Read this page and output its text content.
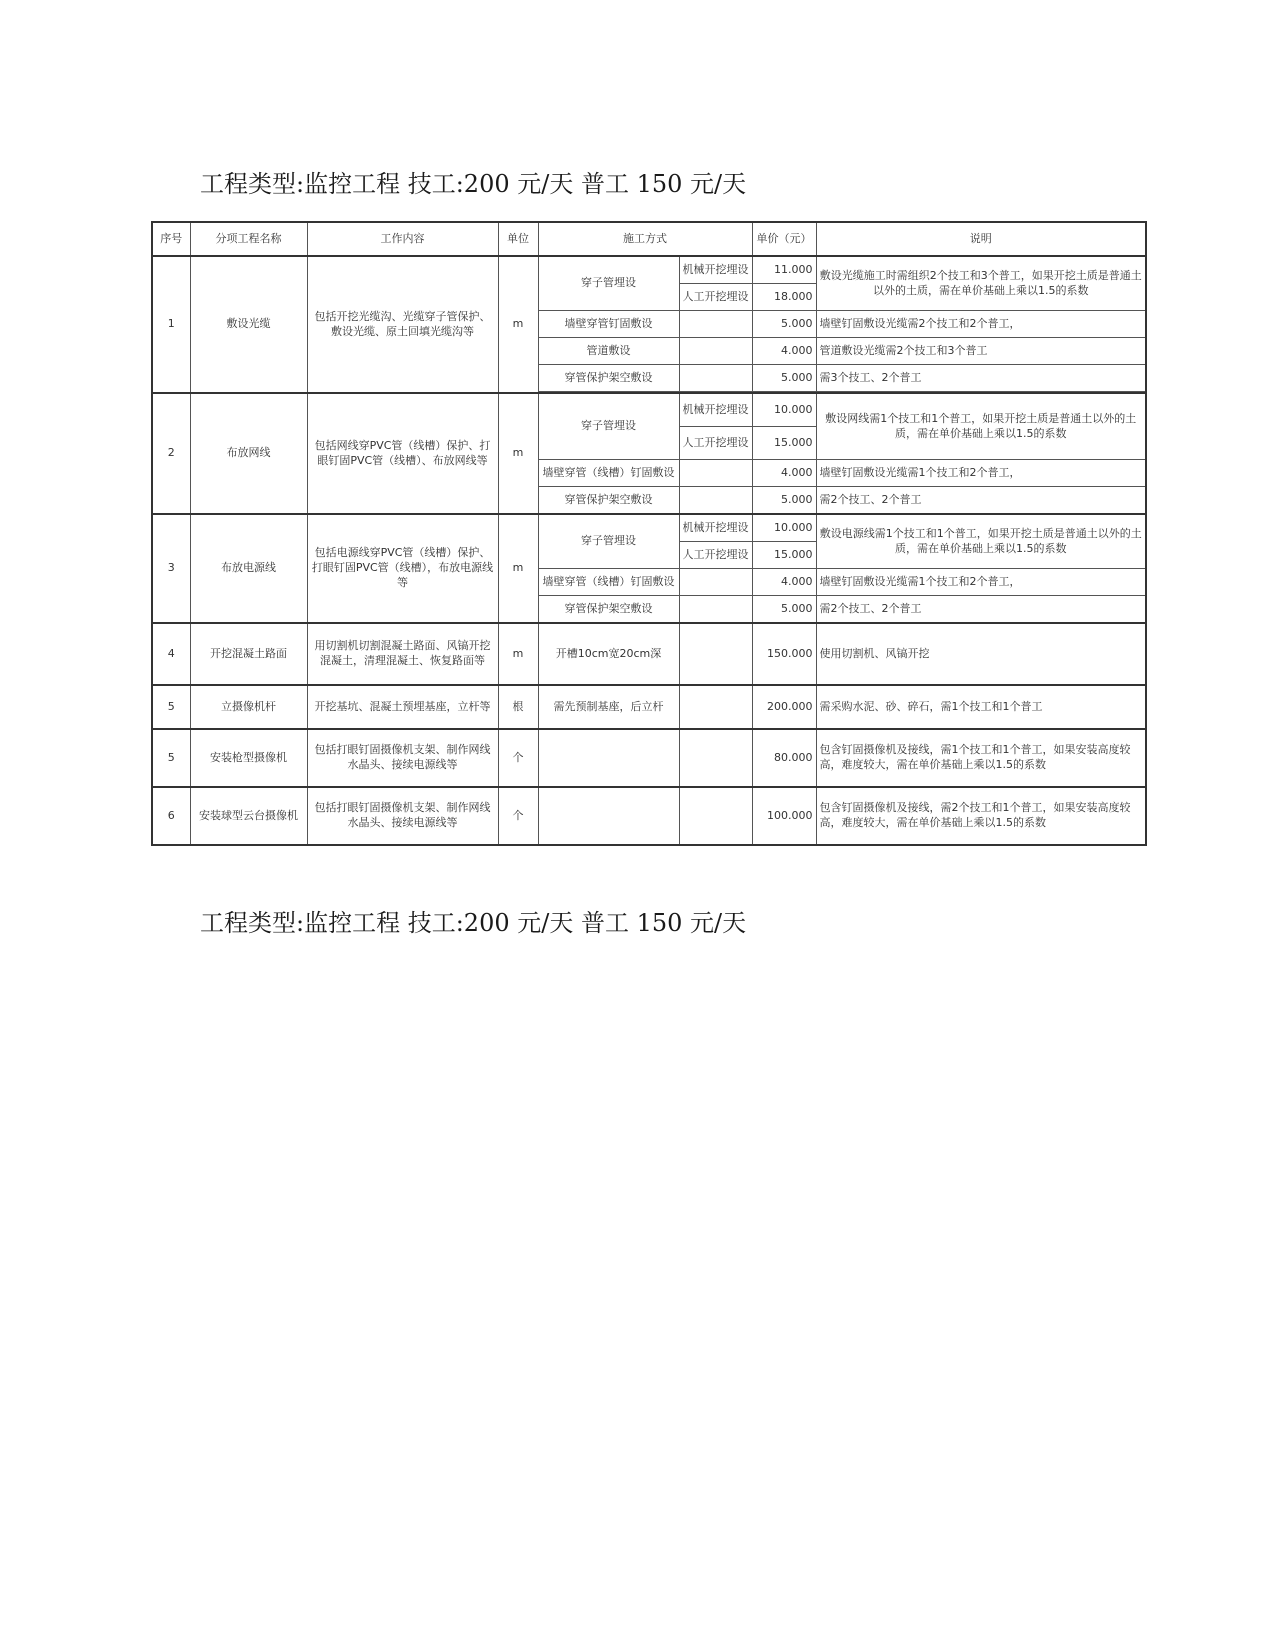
工程类型:监控工程 技工:200 元/天 普工 150 元/天
序号	分项工程名称	工作内容	单位	施工方式		单价（元）	说明
1	敷设光缆	包括开挖光缆沟、光缆穿子管保护、敷设光缆、原土回填光缆沟等	m	穿子管埋设	机械开挖埋设	11.000	敷设光缆施工时需组织2个技工和3个普工，如果开挖土质是普通土以外的土质，需在单价基础上乘以1.5的系数
					人工开挖埋设	18.000	
				墙壁穿管钉固敷设		5.000	墙壁钉固敷设光缆需2个技工和2个普工，
				管道敷设		4.000	管道敷设光缆需2个技工和3个普工
				穿管保护架空敷设		5.000	需3个技工、2个普工

2	布放网线	包括网线穿PVC管（线槽）保护、打眼钉固PVC管（线槽）、布放网线等	m	穿子管埋设	机械开挖埋设	10.000	敷设网线需1个技工和1个普工，如果开挖土质是普通土以外的土质，需在单价基础上乘以1.5的系数
					人工开挖埋设	15.000	
				墙壁穿管（线槽）钉固敷设		4.000	墙壁钉固敷设光缆需1个技工和2个普工，
				穿管保护架空敷设		5.000	需2个技工、2个普工
3	布放电源线	包括电源线穿PVC管（线槽）保护、打眼钉固PVC管（线槽），布放电源线等	m	穿子管埋设	机械开挖埋设	10.000	敷设电源线需1个技工和1个普工，如果开挖土质是普通土以外的土质，需在单价基础上乘以1.5的系数
					人工开挖埋设	15.000	
				墙壁穿管（线槽）钉固敷设		4.000	墙壁钉固敷设光缆需1个技工和2个普工，
				穿管保护架空敷设		5.000	需2个技工、2个普工
4	开挖混凝土路面	用切割机切割混凝土路面、风镐开挖混凝土，清理混凝土、恢复路面等	m	开槽10cm宽20cm深		150.000	使用切割机、风镐开挖
5	立摄像机杆	开挖基坑、混凝土预埋基座，立杆等	根	需先预制基座，后立杆		200.000	需采购水泥、砂、碎石，需1个技工和1个普工
5	安装枪型摄像机	包括打眼钉固摄像机支架、制作网线水晶头、接续电源线等	个			80.000	包含钉固摄像机及接线，需1个技工和1个普工，如果安装高度较高，难度较大，需在单价基础上乘以1.5的系数
6	安装球型云台摄像机	包括打眼钉固摄像机支架、制作网线水晶头、接续电源线等	个			100.000	包含钉固摄像机及接线，需2个技工和1个普工，如果安装高度较高，难度较大，需在单价基础上乘以1.5的系数
工程类型:监控工程 技工:200 元/天 普工 150 元/天
